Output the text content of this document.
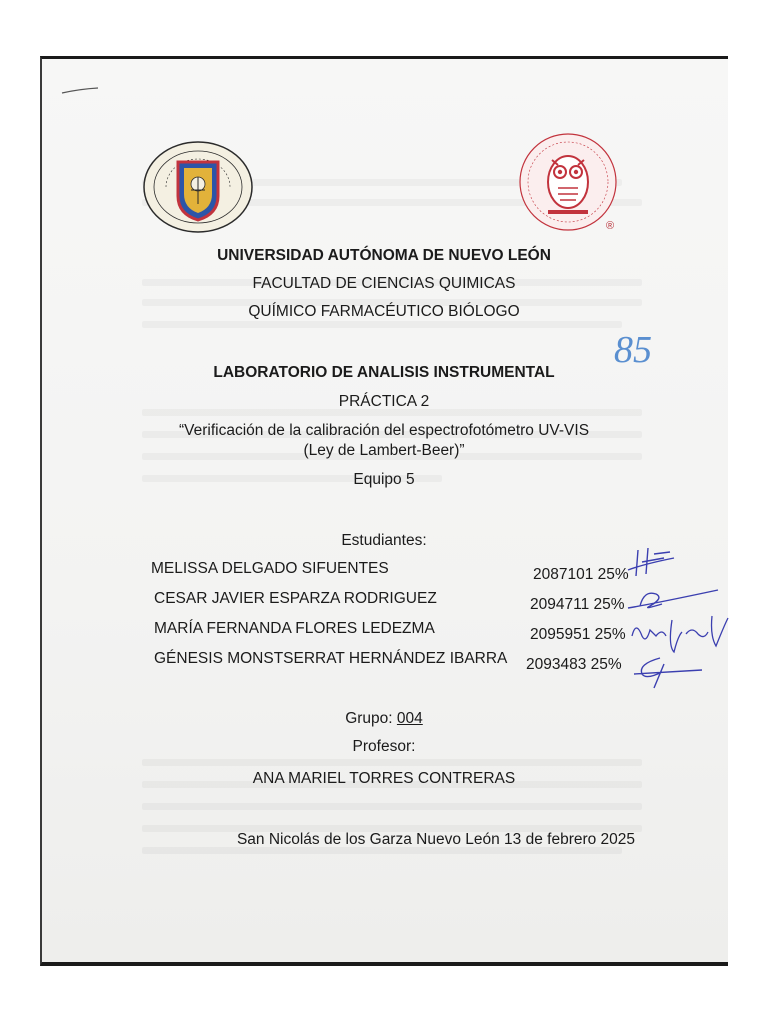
®
UNIVERSIDAD AUTÓNOMA DE NUEVO LEÓN
FACULTAD DE CIENCIAS QUIMICAS
QUÍMICO FARMACÉUTICO BIÓLOGO
85
LABORATORIO DE ANALISIS INSTRUMENTAL
PRÁCTICA 2
“Verificación de la calibración del espectrofotómetro UV-VIS
(Ley de Lambert-Beer)”
Equipo 5
Estudiantes:
MELISSA DELGADO SIFUENTES	2087101 25%
CESAR JAVIER ESPARZA RODRIGUEZ	2094711 25%
MARÍA FERNANDA FLORES LEDEZMA	2095951 25%
GÉNESIS MONSTSERRAT HERNÁNDEZ IBARRA 2093483 25%
Grupo: 004
Profesor:
ANA MARIEL TORRES CONTRERAS
San Nicolás de los Garza Nuevo León 13 de febrero 2025
